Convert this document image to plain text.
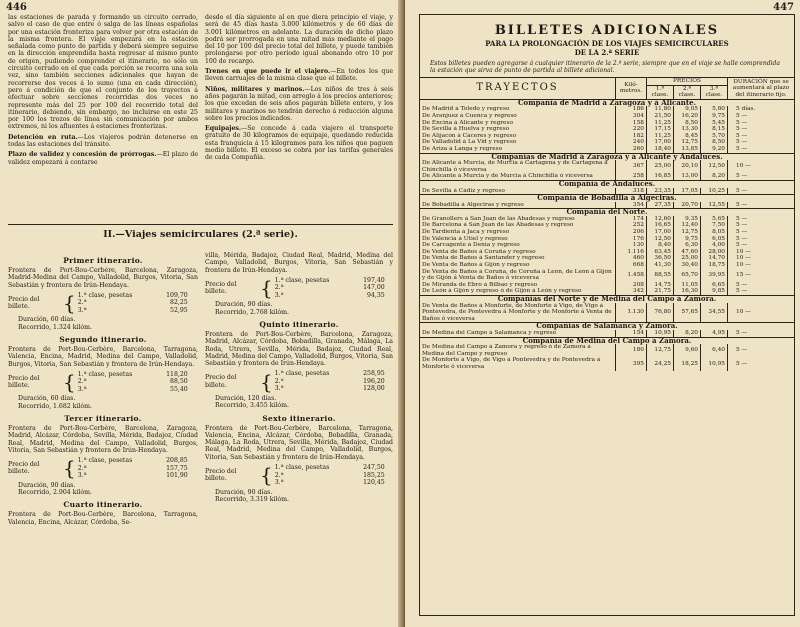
446
las estaciones de parada y formando un circuito cerrado, salvo el caso de que entre ó salga de las líneas españolas por una estación fronteriza para volver por otra estación de la misma frontera. El viaje empezará en la estación señalada como punto de partida y deberá siempre seguirse en la dirección emprendida hasta regresar al mismo punto de origen, pudiendo comprender el itinerario, no sólo un circuito cerrado en el que cada porción se recorra una sola vez, sino también secciones adicionales que hayan de recorrerse dos veces á lo sumo (una en cada dirección), pero á condición de que el conjunto de los trayectos á efectuar sobre secciones recorridas dos veces no represente más del 25 por 100 del recorrido total del itinerario, debiendo, sin embargo, no incluirse en este 25 por 100 los trozos de línea sin comunicación por ambos extremos, ni los afluentes á estaciones fronterizas.
Detención en ruta.—Los viajeros podrán detenerse en todas las estaciones del tránsito.
Plazo de validez y concesión de prórrogas.—El plazo de validez empezará á contarse
desde el día siguiente al en que diera principio el viaje, y será de 45 días hasta 3.000 kilómetros y de 60 días de 3.001 kilómetros en adelante. La duración de dicho plazo podrá ser prorrogada en una mitad más mediante el pago del 10 por 100 del precio total del billete, y puede también prolongarse por otro período igual abonando otro 10 por 100 de recargo.
Trenes en que puede ir el viajero.—En todos los que lleven carruajes de la misma clase que el billete.
Niños, militares y marinos.—Los niños de tres á seis años pagarán la mitad, con arreglo á los precios anteriores; los que excedan de seis años pagarán billete entero, y los militares y marinos no tendrán derecho á reducción alguna sobre los precios indicados.
Equipajes.—Se concede á cada viajero el transporte gratuito de 30 kilogramos de equipaje, quedando reducida esta franquicia á 15 kilogramos para los niños que paguen medio billete. El exceso se cobra por las tarifas generales de cada Compañía.
II.—Viajes semicirculares (2.ª serie).
Primer itinerario.
Frontera de Port-Bou-Cerbère, Barcelona, Zaragoza, Madrid-Medina del Campo, Valladolid, Burgos, Vitoria, San Sebastián y frontera de Irún-Hendaya.
Precio del billete.	{ 1.ª clase, pesetas	109,70
2.ª	82,25
3.ª	52,95
Duración, 60 días.
Recorrido, 1.324 kilóm.
Segundo itinerario.
Frontera de Port-Bou-Cerbère, Barcelona, Tarragona, Valencia, Encina, Madrid, Medina del Campo, Valladolid, Burgos, Vitoria, San Sebastián y frontera de Irún-Hendaya.
Precio del billete.	{ 1.ª clase, pesetas	118,20
2.ª	88,50
3.ª	55,40
Duración, 60 días.
Recorrido, 1.682 kilóm.
Tercer itinerario.
Frontera de Port-Bou-Cerbère, Barcelona, Zaragoza, Madrid, Alcázar, Córdoba, Sevilla, Mérida, Badajoz, Ciudad Real, Madrid, Medina del Campo, Valladolid, Burgos, Vitoria, San Sebastián y frontera de Irún-Hendaya.
Precio del billete.	{ 1.ª clase, pesetas	208,85
2.ª	157,75
3.ª	101,90
Duración, 90 días.
Recorrido, 2.904 kilóm.
Cuarto itinerario.
Frontera de Port-Bou-Cerbère, Barcelona, Tarragona, Valencia, Encina, Alcázar, Córdoba, Se-
villa, Mérida, Badajoz, Ciudad Real, Madrid, Medina del Campo, Valladolid, Burgos, Vitoria, San Sebastián y frontera de Irún-Hendaya.
Precio del billete.	{ 1.ª clase, pesetas	197,40
2.ª	147,00
3.ª	94,35
Duración, 90 días.
Recorrido, 2.768 kilóm.
Quinto itinerario.
Frontera de Port-Bou-Cerbère, Barcelona, Zaragoza, Madrid, Alcázar, Córdoba, Bobadilla, Granada, Málaga, La Roda, Utrera, Sevilla, Mérida, Badajoz, Ciudad Real, Madrid, Medina del Campo, Valladolid, Burgos, Vitoria, San Sebastián y frontera de Irún-Hendaya.
Precio del billete.	{ 1.ª clase, pesetas	258,95
2.ª	196,20
3.ª	128,00
Duración, 120 días.
Recorrido, 3.455 kilóm.
Sexto itinerario.
Frontera de Port-Bou-Cerbère, Barcelona, Tarragona, Valencia, Encina, Alcázar, Córdoba, Bobadilla, Granada, Málaga, La Roda, Utrera, Sevilla, Mérida, Badajoz, Ciudad Real, Madrid, Medina del Campo, Valladolid, Burgos, Vitoria, San Sebastián y frontera de Irún-Hendaya.
Precio del billete.	{ 1.ª clase, pesetas	247,50
2.ª	185,25
3.ª	120,45
Duración, 90 días.
Recorrido, 3.319 kilóm.
447
BILLETES ADICIONALES
PARA LA PROLONGACIÓN DE LOS VIAJES SEMICIRCULARES
DE LA 2.ª SERIE
Estos billetes pueden agregarse á cualquier itinerario de la 2.ª serie, siempre que en el viaje se halle comprendida la estación que sirva de punto de partida al billete adicional.
TRAYECTOS	Kiló-metros.	PRECIOS			DURACIÓN que se aumentará al plazo del itinerario fijo.
		1.ª clase.	2.ª clase.	3.ª clase.	
Compañía de Madrid á Zaragoza y á Alicante.					
De Madrid á Toledo y regreso	186	11,80	9,05	5,80	5 días.
De Aranjuez á Cuenca y regreso	304	21,50	16,20	9,75	5 —
De Encina á Alicante y regreso	158	11,25	8,50	5,45	5 —
De Sevilla á Huelva y regreso	220	17,15	13,30	8,15	5 —
De Alijacón á Cáceres y regreso	182	11,25	8,45	5,70	5 —
De Valladolid á La Vid y regreso	240	17,00	12,75	8,50	5 —
De Ariza á Langa y regreso	260	18,40	13,85	9,20	5 —
Compañías de Madrid á Zaragoza y á Alicante y Andaluces.					
De Alicante á Murcia, de Murcia á Cartagena y de Cartagena á Chinchilla ó viceversa	367	25,00	20,10	12,50	10 —
De Alicante á Murcia y de Murcia á Chinchilla ó viceversa	258	16,85	13,00	8,20	5 —
Compañía de Andaluces.					
De Sevilla á Cádiz y regreso	318	23,35	17,05	10,25	5 —
Compañía de Bobadilla á Algeciras.					
De Bobadilla á Algeciras y regreso	354	27,35	20,70	12,55	5 —
Compañía del Norte.					
De Granollers á San Juan de las Abadesas y regreso	174	12,60	9,35	5,65	5 —
De Barcelona á San Juan de las Abadesas y regreso	252	16,65	12,40	7,50	5 —
De Tardienta á Jaca y regreso	206	17,00	12,75	8,05	5 —
De Valencia á Utiel y regreso	176	12,50	9,75	6,05	5 —
De Carcagente á Denia y regreso	130	8,40	6,30	4,00	5 —
De Venta de Baños á Coruña y regreso	1.116	63,45	47,60	28,00	10 —
De Venta de Baños á Santander y regreso	460	36,50	25,00	14,70	10 —
De Venta de Baños á Gijón y regreso	668	41,30	30,40	18,75	10 —
De Venta de Baños á Coruña, de Coruña á León, de León á Gijón y de Gijón á Venta de Baños ó viceversa	1.458	88,55	65,70	39,95	15 —
De Miranda de Ebro á Bilbao y regreso	208	14,75	11,05	6,65	5 —
De León á Gijón y regreso ó de Gijón á León y regreso	342	21,75	16,30	9,85	5 —
Compañías del Norte y de Medina del Campo á Zamora.					
De Venta de Baños á Monforte, de Monforte á Vigo, de Vigo á Pontevedra, de Pontevedra á Monforte y de Monforte á Venta de Baños ó viceversa	1.130	76,80	57,65	34,55	10 —
Compañías de Salamanca y Zamora.					
De Medina del Campo á Salamanca y regreso	154	10,95	8,20	4,95	5 —
Compañía de Medina del Campo á Zamora.					
De Medina del Campo á Zamora y regreso ó de Zamora á Medina del Campo y regreso	180	12,75	9,60	6,40	5 —
De Monforte á Vigo, de Vigo á Pontevedra y de Pontevedra á Monforte ó viceversa	395	24,25	18,25	10,95	5 —
